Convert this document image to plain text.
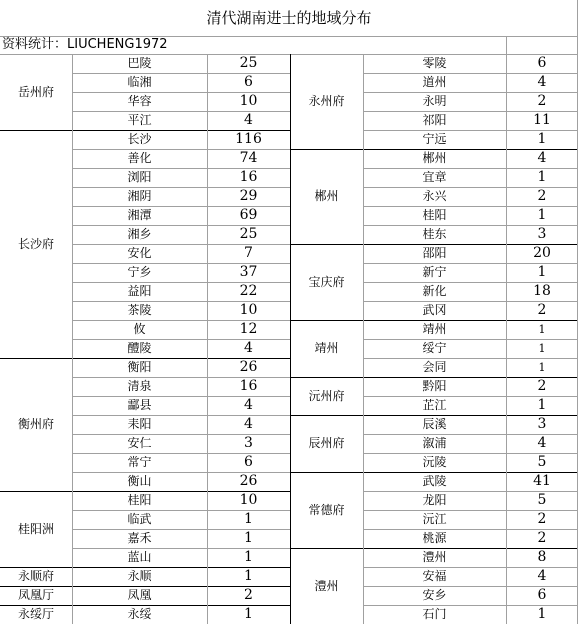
清代湖南进士的地域分布
资料统计：LIUCHENG1972
岳州府
巴陵	25
临湘	6
华容	10
平江	4
长沙府
长沙	116
善化	74
浏阳	16
湘阴	29
湘潭	69
湘乡	25
安化	7
宁乡	37
益阳	22
茶陵	10
攸	12
醴陵	4
衡州府
衡阳	26
清泉	16
酃县	4
耒阳	4
安仁	3
常宁	6
衡山	26
桂阳洲
桂阳	10
临武	1
嘉禾	1
蓝山	1
永顺府	永顺	1
凤凰厅	凤凰	2
永绥厅	永绥	1
永州府
零陵	6
道州	4
永明	2
祁阳	11
宁远	1
郴州
郴州	4
宜章	1
永兴	2
桂阳	1
桂东	3
宝庆府
邵阳	20
新宁	1
新化	18
武冈	2
靖州
靖州	1
绥宁	1
会同	1
沅州府
黔阳	2
芷江	1
辰州府
辰溪	3
溆浦	4
沅陵	5
常德府
武陵	41
龙阳	5
沅江	2
桃源	2
澧州
澧州	8
安福	4
安乡	6
石门	1
